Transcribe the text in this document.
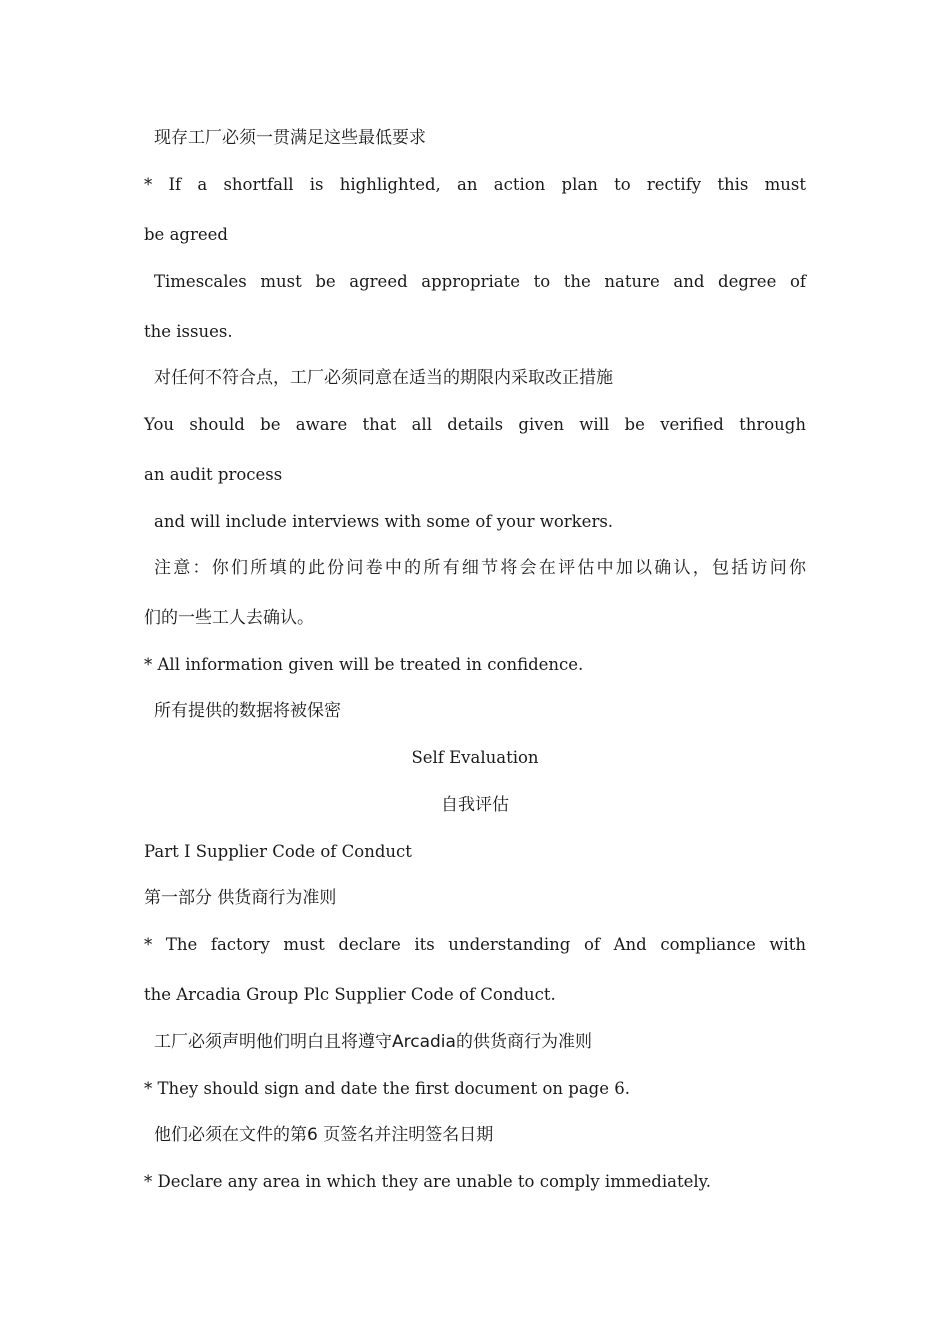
现存工厂必须一贯满足这些最低要求
* If a shortfall is highlighted, an action plan to rectify this must
be agreed
Timescales must be agreed appropriate to the nature and degree of
the issues.
对任何不符合点，工厂必须同意在适当的期限内采取改正措施
You should be aware that all details given will be verified through
an audit process
and will include interviews with some of your workers.
注意：你们所填的此份问卷中的所有细节将会在评估中加以确认，包括访问你
们的一些工人去确认。
* All information given will be treated in confidence.
所有提供的数据将被保密
Self Evaluation
自我评估
Part I Supplier Code of Conduct
第一部分 供货商行为准则
* The factory must declare its understanding of And compliance with
the Arcadia Group Plc Supplier Code of Conduct.
工厂必须声明他们明白且将遵守Arcadia的供货商行为准则
* They should sign and date the first document on page 6.
他们必须在文件的第6 页签名并注明签名日期
* Declare any area in which they are unable to comply immediately.
